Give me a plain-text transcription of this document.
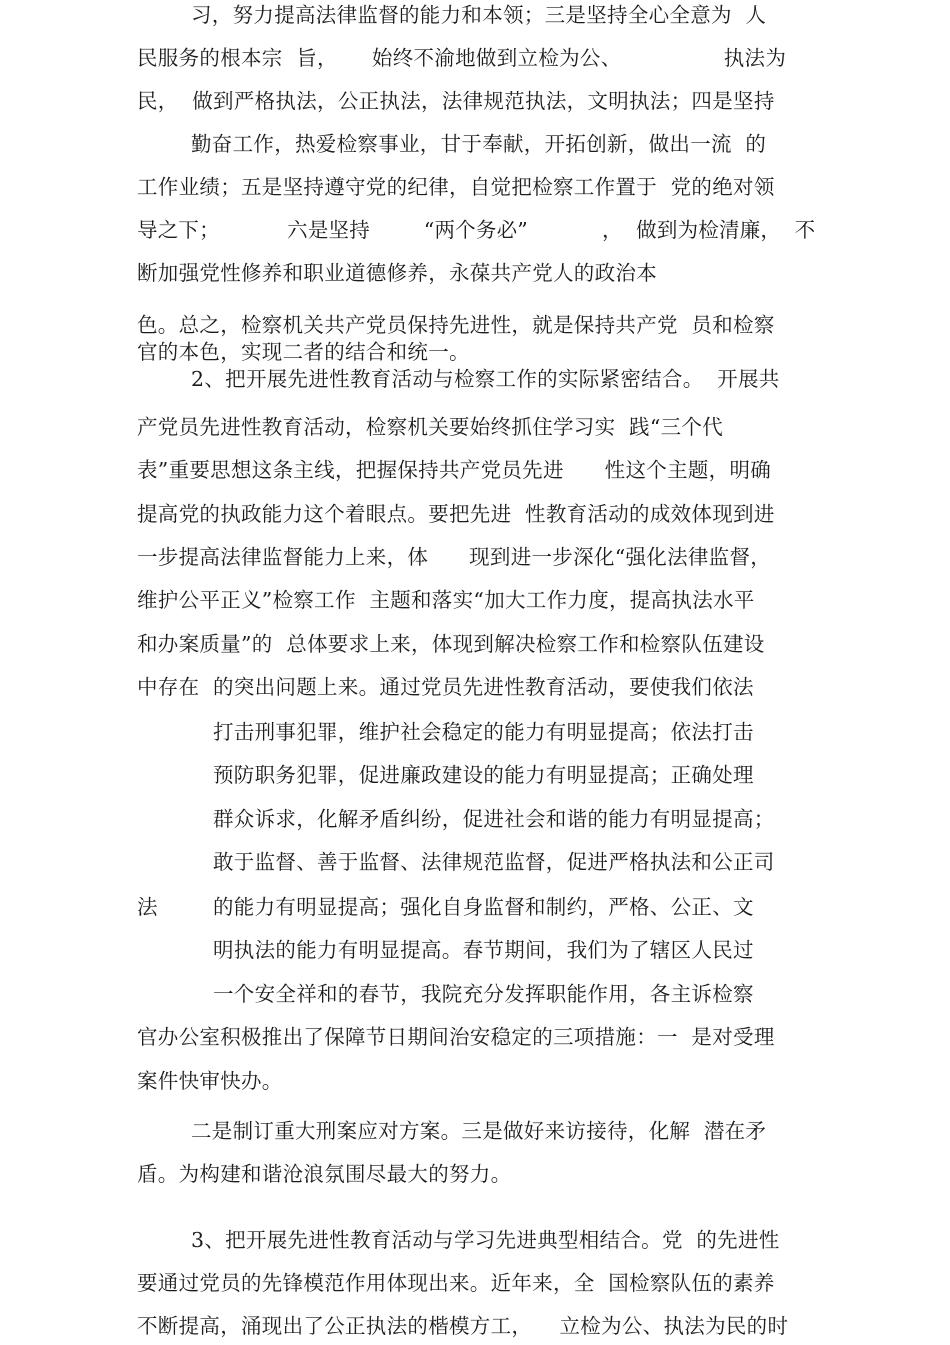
习，努力提高法律监督的能力和本领；三是坚持全心全意为  人
民服务的根本宗  旨，     始终不渝地做到立检为公、               执法为
民，  做到严格执法，公正执法，法律规范执法，文明执法；四是坚持
勤奋工作，热爱检察事业，甘于奉献，开拓创新，做出一流  的
工作业绩；五是坚持遵守党的纪律，自觉把检察工作置于  党的绝对领
导之下；          六是坚持        “两个务必”           ，  做到为检清廉，  不
断加强党性修养和职业道德修养，永葆共产党人的政治本
色。总之，检察机关共产党员保持先进性，就是保持共产党  员和检察
官的本色，实现二者的结合和统一。
2、把开展先进性教育活动与检察工作的实际紧密结合。  开展共
产党员先进性教育活动，检察机关要始终抓住学习实  践“三个代
表”重要思想这条主线，把握保持共产党员先进      性这个主题，明确
提高党的执政能力这个着眼点。要把先进  性教育活动的成效体现到进
一步提高法律监督能力上来，体      现到进一步深化“强化法律监督，
维护公平正义”检察工作  主题和落实“加大工作力度，提高执法水平
和办案质量”的  总体要求上来，体现到解决检察工作和检察队伍建设
中存在  的突出问题上来。通过党员先进性教育活动，要使我们依法
打击刑事犯罪，维护社会稳定的能力有明显提高；依法打击
预防职务犯罪，促进廉政建设的能力有明显提高；正确处理
群众诉求，化解矛盾纠纷，促进社会和谐的能力有明显提高；
敢于监督、善于监督、法律规范监督，促进严格执法和公正司
法	的能力有明显提高；强化自身监督和制约，严格、公正、文
明执法的能力有明显提高。春节期间，我们为了辖区人民过
一个安全祥和的春节，我院充分发挥职能作用，各主诉检察
官办公室积极推出了保障节日期间治安稳定的三项措施：一  是对受理
案件快审快办。
二是制订重大刑案应对方案。三是做好来访接待，化解  潜在矛
盾。为构建和谐沧浪氛围尽最大的努力。
3、把开展先进性教育活动与学习先进典型相结合。党  的先进性
要通过党员的先锋模范作用体现出来。近年来，全  国检察队伍的素养
不断提高，涌现出了公正执法的楷模方工，    立检为公、执法为民的时
